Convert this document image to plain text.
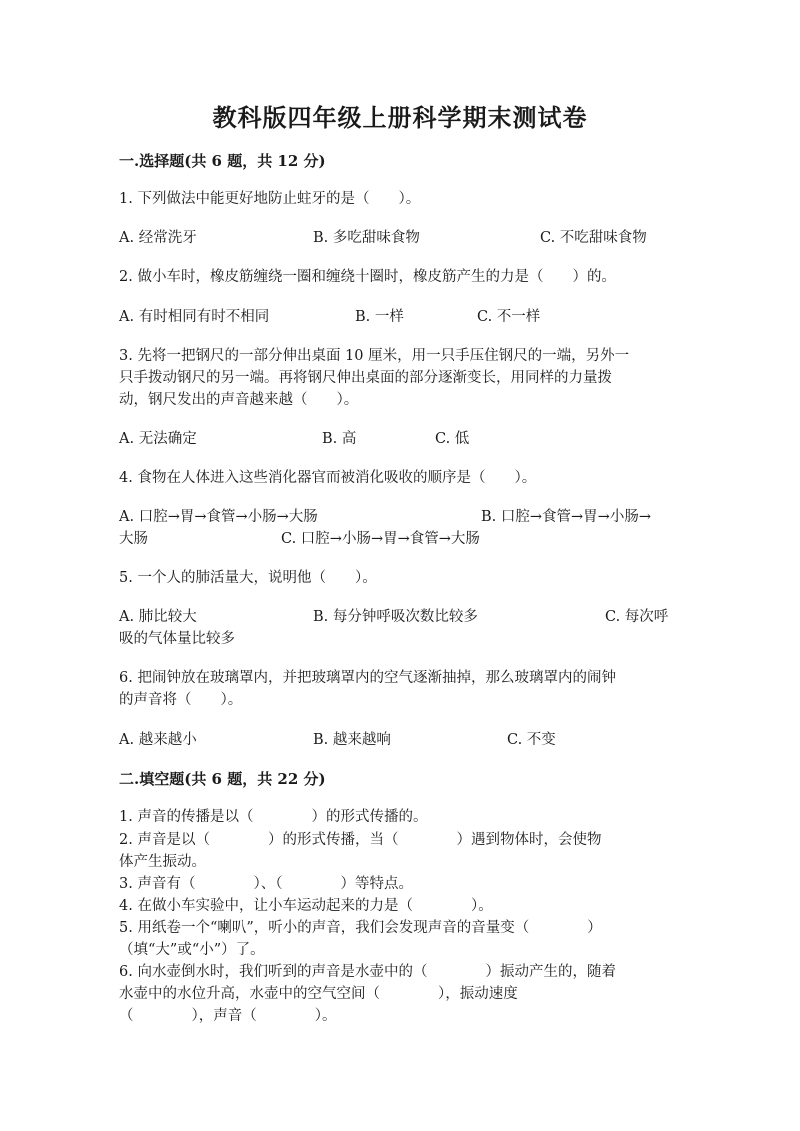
教科版四年级上册科学期末测试卷
一.选择题(共 6 题，共 12 分)
1. 下列做法中能更好地防止蛀牙的是（　　）。
A. 经常洗牙	B. 多吃甜味食物	C. 不吃甜味食物
2. 做小车时，橡皮筋缠绕一圈和缠绕十圈时，橡皮筋产生的力是（　　）的。
A. 有时相同有时不相同	B. 一样	C. 不一样
3. 先将一把钢尺的一部分伸出桌面 10 厘米，用一只手压住钢尺的一端，另外一
只手拨动钢尺的另一端。再将钢尺伸出桌面的部分逐渐变长，用同样的力量拨
动，钢尺发出的声音越来越（　　）。
A. 无法确定	B. 高	C. 低
4. 食物在人体进入这些消化器官而被消化吸收的顺序是（　　）。
A. 口腔→胃→食管→小肠→大肠	B. 口腔→食管→胃→小肠→
大肠	C. 口腔→小肠→胃→食管→大肠
5. 一个人的肺活量大，说明他（　　）。
A. 肺比较大	B. 每分钟呼吸次数比较多	C. 每次呼
吸的气体量比较多
6. 把闹钟放在玻璃罩内，并把玻璃罩内的空气逐渐抽掉，那么玻璃罩内的闹钟
的声音将（　　）。
A. 越来越小	B. 越来越响	C. 不变
二.填空题(共 6 题，共 22 分)
1. 声音的传播是以（　　　　）的形式传播的。
2. 声音是以（　　　　）的形式传播，当（　　　　）遇到物体时，会使物
体产生振动。
3. 声音有（　　　　）、（　　　　）等特点。
4. 在做小车实验中，让小车运动起来的力是（　　　　）。
5. 用纸卷一个“喇叭”，听小的声音，我们会发现声音的音量变（　　　　）
（填“大”或“小”）了。
6. 向水壶倒水时，我们听到的声音是水壶中的（　　　　）振动产生的，随着
水壶中的水位升高，水壶中的空气空间（　　　　），振动速度
（　　　　），声音（　　　　）。
